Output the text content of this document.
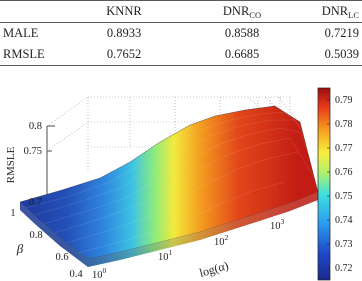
	KNNR	$DNR_{CO}$	$DNR_{LC}$
MALE	0.8933	0.8588	0.7219
RMSLE	0.7652	0.6685	0.5039
0.8
0.75
0.7
RMSLE
1
0.8
0.6
0.4
β
$10^0$
$10^1$
$10^2$
$10^3$
log(α)
0.79
0.78
0.77
0.76
0.75
0.74
0.73
0.72
